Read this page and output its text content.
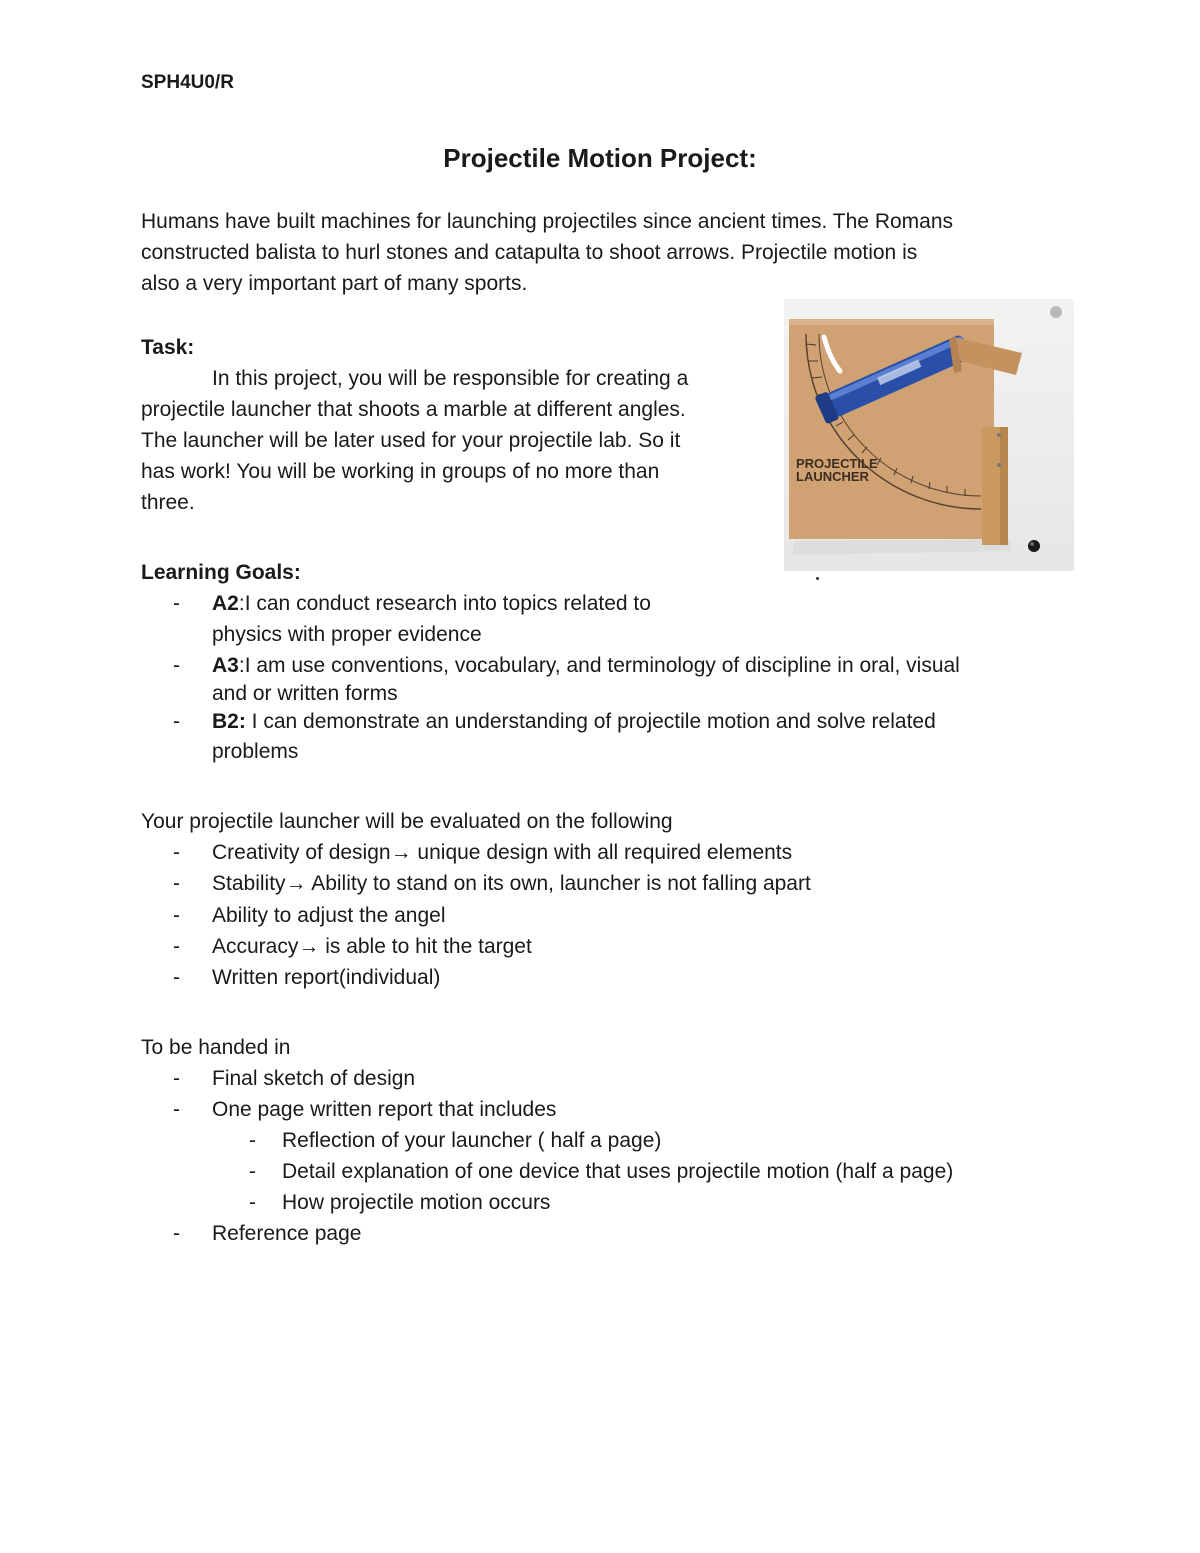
SPH4U0/R
Projectile Motion Project:
Humans have built machines for launching projectiles since ancient times. The Romans
constructed balista to hurl stones and catapulta to shoot arrows. Projectile motion is
also a very important part of many sports.
Task:
In this project, you will be responsible for creating a
projectile launcher that shoots a marble at different angles.
The launcher will be later used for your projectile lab. So it
has work! You will be working in groups of no more than
three.
PROJECTILE
LAUNCHER
Learning Goals:
- A2:I can conduct research into topics related to
physics with proper evidence
- A3:I am use conventions, vocabulary, and terminology of discipline in oral, visual
and or written forms
- B2: I can demonstrate an understanding of projectile motion and solve related
problems
Your projectile launcher will be evaluated on the following
- Creativity of design→ unique design with all required elements
- Stability→ Ability to stand on its own, launcher is not falling apart
- Ability to adjust the angel
- Accuracy→ is able to hit the target
- Written report(individual)
To be handed in
- Final sketch of design
- One page written report that includes
- Reflection of your launcher ( half a page)
- Detail explanation of one device that uses projectile motion (half a page)
- How projectile motion occurs
- Reference page
